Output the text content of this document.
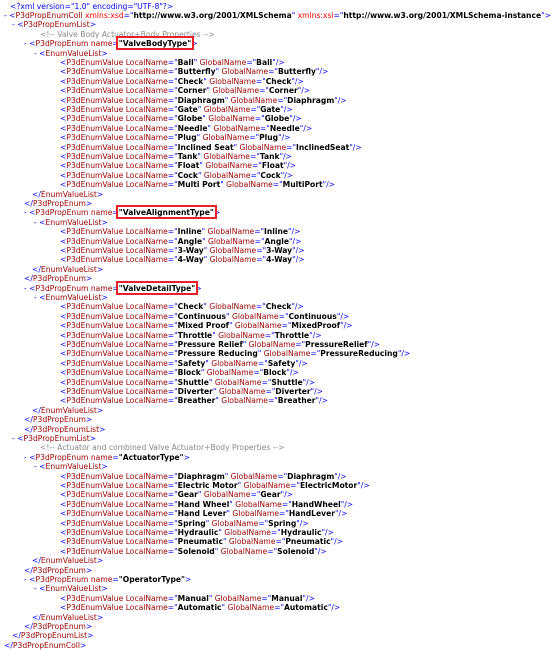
<?xml version="1.0" encoding="UTF-8"?>
- <P3dPropEnumColl xmlns:xsd="http://www.w3.org/2001/XMLSchema" xmlns:xsi="http://www.w3.org/2001/XMLSchema-instance">
- <P3dPropEnumList>
<!-- Valve Body Actuator+Body Properties -->
- <P3dPropEnum name="ValveBodyType">
- <EnumValueList>
<P3dEnumValue LocalName="Ball" GlobalName="Ball"/>
<P3dEnumValue LocalName="Butterfly" GlobalName="Butterfly"/>
<P3dEnumValue LocalName="Check" GlobalName="Check"/>
<P3dEnumValue LocalName="Corner" GlobalName="Corner"/>
<P3dEnumValue LocalName="Diaphragm" GlobalName="Diaphragm"/>
<P3dEnumValue LocalName="Gate" GlobalName="Gate"/>
<P3dEnumValue LocalName="Globe" GlobalName="Globe"/>
<P3dEnumValue LocalName="Needle" GlobalName="Needle"/>
<P3dEnumValue LocalName="Plug" GlobalName="Plug"/>
<P3dEnumValue LocalName="Inclined Seat" GlobalName="InclinedSeat"/>
<P3dEnumValue LocalName="Tank" GlobalName="Tank"/>
<P3dEnumValue LocalName="Float" GlobalName="Float"/>
<P3dEnumValue LocalName="Cock" GlobalName="Cock"/>
<P3dEnumValue LocalName="Multi Port" GlobalName="MultiPort"/>
</EnumValueList>
</P3dPropEnum>
- <P3dPropEnum name="ValveAlignmentType">
- <EnumValueList>
<P3dEnumValue LocalName="Inline" GlobalName="Inline"/>
<P3dEnumValue LocalName="Angle" GlobalName="Angle"/>
<P3dEnumValue LocalName="3-Way" GlobalName="3-Way"/>
<P3dEnumValue LocalName="4-Way" GlobalName="4-Way"/>
</EnumValueList>
</P3dPropEnum>
- <P3dPropEnum name="ValveDetailType">
- <EnumValueList>
<P3dEnumValue LocalName="Check" GlobalName="Check"/>
<P3dEnumValue LocalName="Continuous" GlobalName="Continuous"/>
<P3dEnumValue LocalName="Mixed Proof" GlobalName="MixedProof"/>
<P3dEnumValue LocalName="Throttle" GlobalName="Throttle"/>
<P3dEnumValue LocalName="Pressure Relief" GlobalName="PressureRelief"/>
<P3dEnumValue LocalName="Pressure Reducing" GlobalName="PressureReducing"/>
<P3dEnumValue LocalName="Safety" GlobalName="Safety"/>
<P3dEnumValue LocalName="Block" GlobalName="Block"/>
<P3dEnumValue LocalName="Shuttle" GlobalName="Shuttle"/>
<P3dEnumValue LocalName="Diverter" GlobalName="Diverter"/>
<P3dEnumValue LocalName="Breather" GlobalName="Breather"/>
</EnumValueList>
</P3dPropEnum>
</P3dPropEnumList>
- <P3dPropEnumList>
<!-- Actuator and combined Valve Actuator+Body Properties -->
- <P3dPropEnum name="ActuatorType">
- <EnumValueList>
<P3dEnumValue LocalName="Diaphragm" GlobalName="Diaphragm"/>
<P3dEnumValue LocalName="Electric Motor" GlobalName="ElectricMotor"/>
<P3dEnumValue LocalName="Gear" GlobalName="Gear"/>
<P3dEnumValue LocalName="Hand Wheel" GlobalName="HandWheel"/>
<P3dEnumValue LocalName="Hand Lever" GlobalName="HandLever"/>
<P3dEnumValue LocalName="Spring" GlobalName="Spring"/>
<P3dEnumValue LocalName="Hydraulic" GlobalName="Hydraulic"/>
<P3dEnumValue LocalName="Pneumatic" GlobalName="Pneumatic"/>
<P3dEnumValue LocalName="Solenoid" GlobalName="Solenoid"/>
</EnumValueList>
</P3dPropEnum>
- <P3dPropEnum name="OperatorType">
- <EnumValueList>
<P3dEnumValue LocalName="Manual" GlobalName="Manual"/>
<P3dEnumValue LocalName="Automatic" GlobalName="Automatic"/>
</EnumValueList>
</P3dPropEnum>
</P3dPropEnumList>
</P3dPropEnumColl>
